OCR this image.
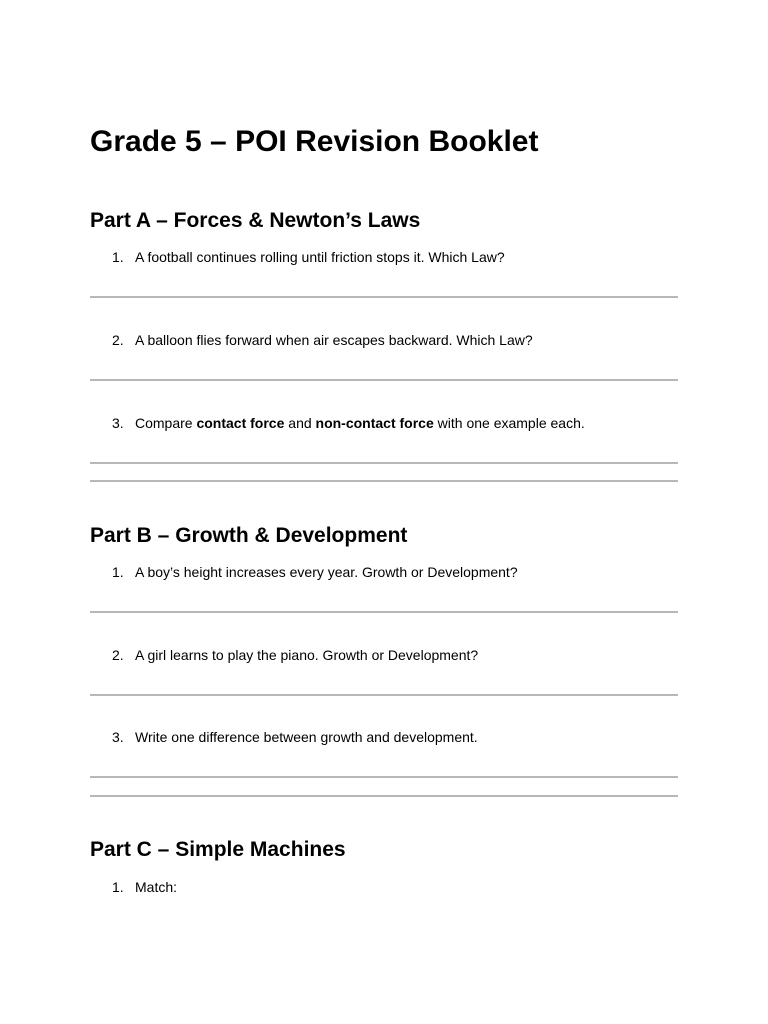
Grade 5 – POI Revision Booklet
Part A – Forces & Newton’s Laws
1. A football continues rolling until friction stops it. Which Law?
2. A balloon flies forward when air escapes backward. Which Law?
3. Compare contact force and non-contact force with one example each.
Part B – Growth & Development
1. A boy’s height increases every year. Growth or Development?
2. A girl learns to play the piano. Growth or Development?
3. Write one difference between growth and development.
Part C – Simple Machines
1. Match:
